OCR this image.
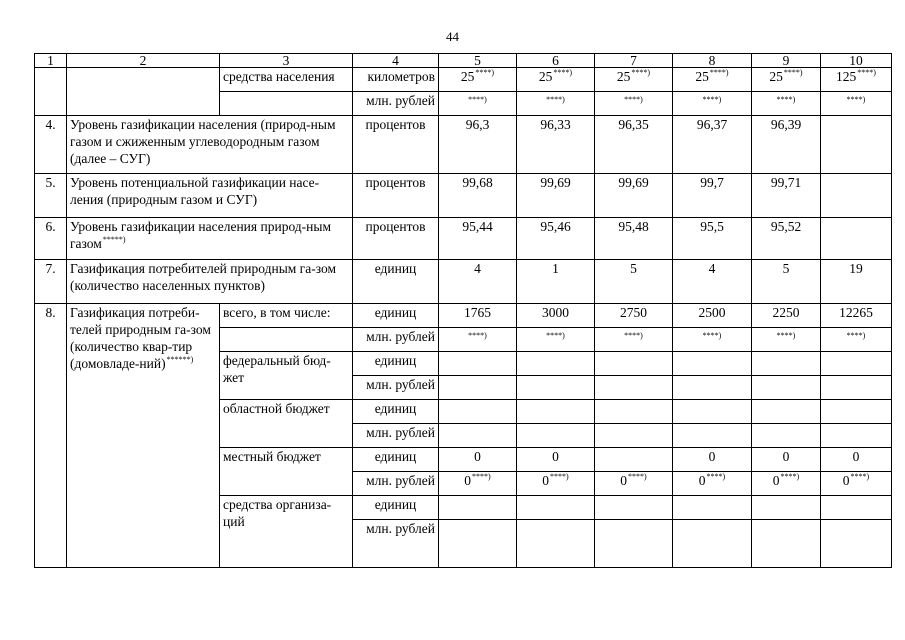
44
1	2	3	4	5	6	7	8	9	10
		средства населения	километров	25****)	25****)	25****)	25****)	25****)	125****)
			млн. рублей	****)	****)	****)	****)	****)	****)
4.	Уровень газификации населения (природ-ным газом и сжиженным углеводородным газом (далее – СУГ)		процентов	96,3	96,33	96,35	96,37	96,39	
5.	Уровень потенциальной газификации насе-ления (природным газом и СУГ)		процентов	99,68	99,69	99,69	99,7	99,71	
6.	Уровень газификации населения природ-ным газом*****)		процентов	95,44	95,46	95,48	95,5	95,52	
7.	Газификация потребителей природным га-зом (количество населенных пунктов)		единиц	4	1	5	4	5	19
8.	Газификация потреби-телей природным га-зом (количество квар-тир (домовладе-ний)******)	всего, в том числе:	единиц	1765	3000	2750	2500	2250	12265
			млн. рублей	****)	****)	****)	****)	****)	****)
		федеральный бюд-жет	единиц						
			млн. рублей						
		областной бюджет	единиц						
			млн. рублей						
		местный бюджет	единиц	0	0		0	0	0
			млн. рублей	0****)	0****)	0****)	0****)	0****)	0****)
		средства организа-ций	единиц						
			млн. рублей						
